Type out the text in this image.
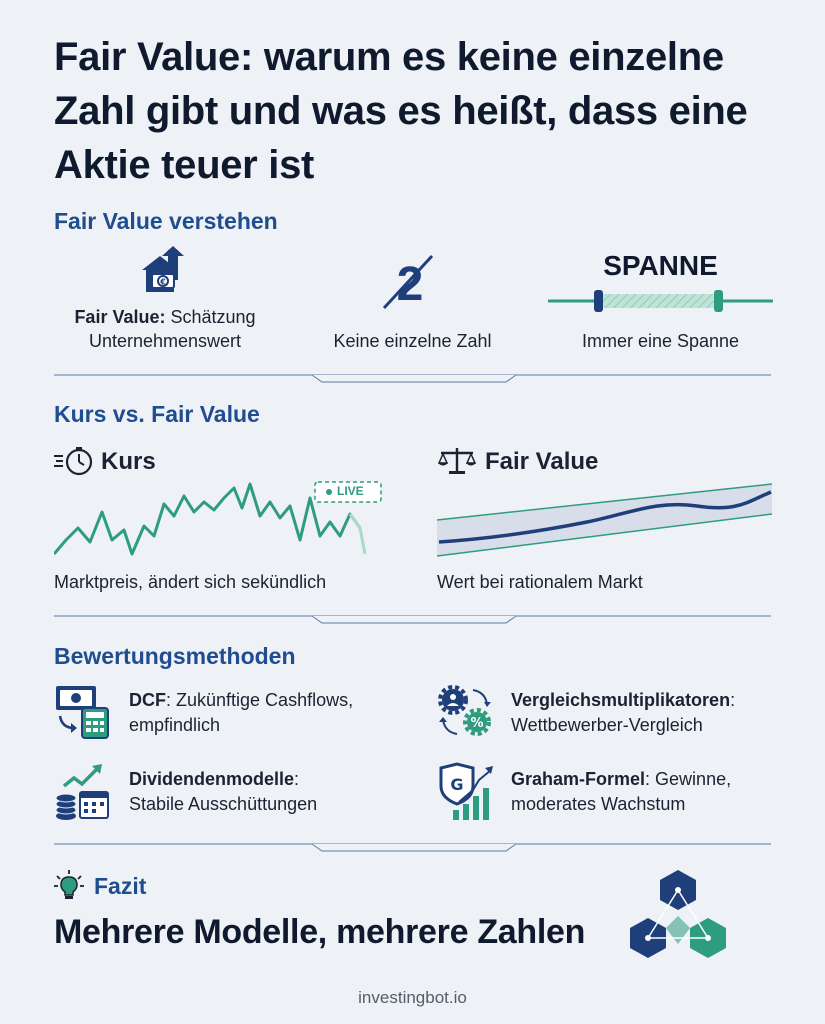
Fair Value: warum es keine einzelne Zahl gibt und was es heißt, dass eine Aktie teuer ist
Fair Value verstehen
€
Fair Value: Schätzung
Unternehmenswert
2
Keine einzelne Zahl
SPANNE
Immer eine Spanne
Kurs vs. Fair Value
Kurs
LIVE
Marktpreis, ändert sich sekündlich
Fair Value
Wert bei rationalem Markt
Bewertungsmethoden
DCF: Zukünftige Cashflows,
empfindlich	%
Vergleichsmultiplikatoren:
Wettbewerber-Vergleich
Dividendenmodelle:
Stabile Ausschüttungen
G	Graham-Formel: Gewinne,
moderates Wachstum
Fazit
Mehrere Modelle, mehrere Zahlen
investingbot.io
